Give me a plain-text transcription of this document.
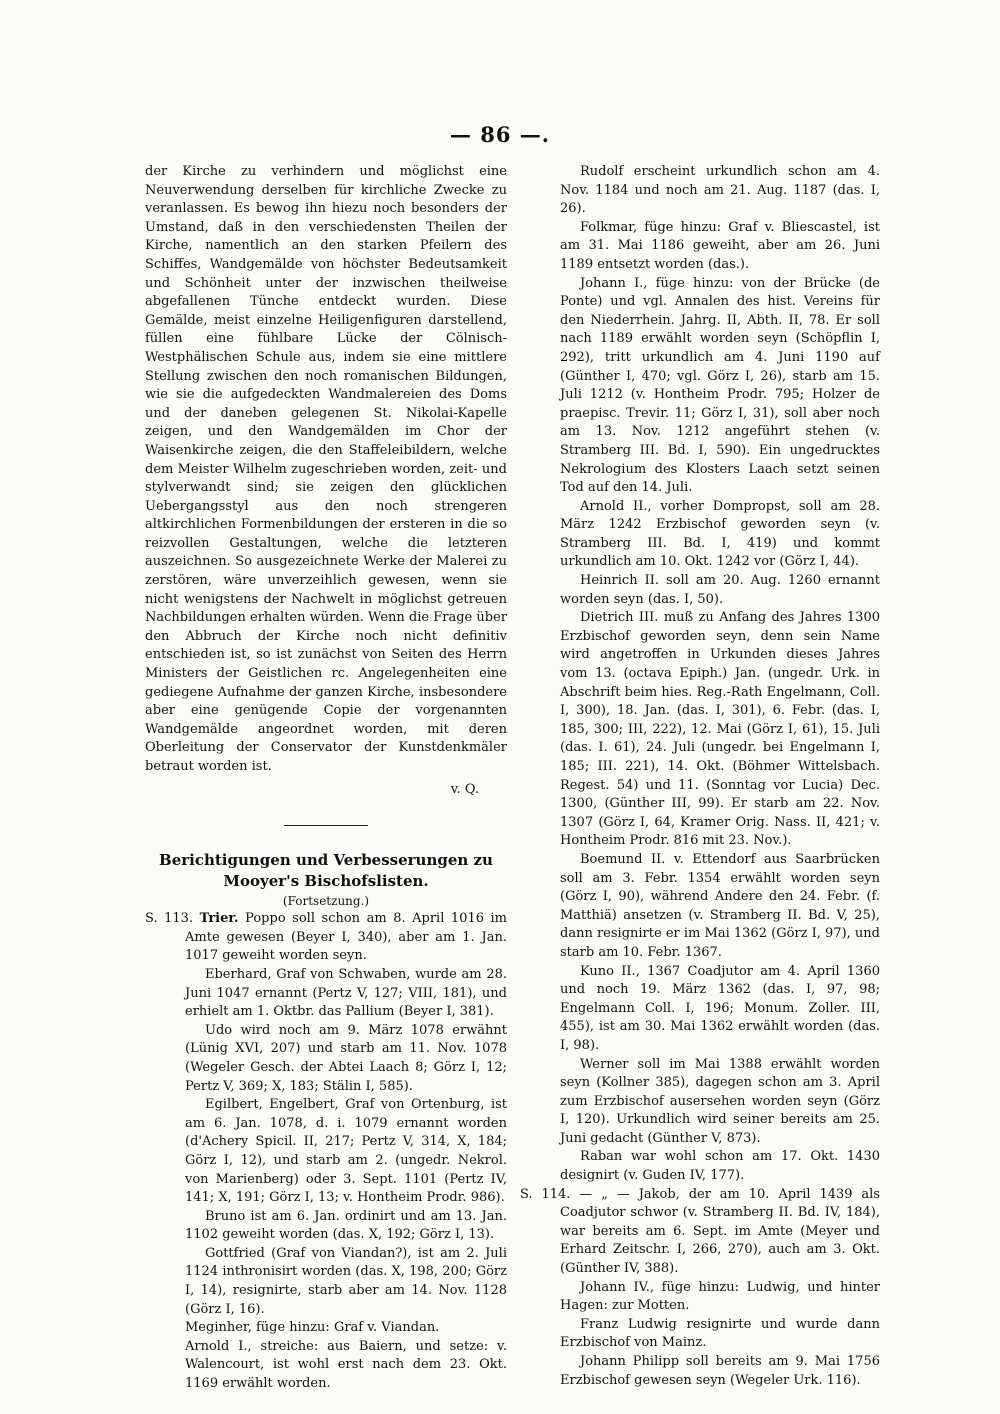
— 86 —.

der Kirche zu verhindern und möglichst eine Neuverwendung derselben für kirchliche Zwecke zu veranlassen. Es bewog ihn hiezu noch besonders der Umstand, daß in den verschiedensten Theilen der Kirche, namentlich an den starken Pfeilern des Schiffes, Wandgemälde von höchster Bedeutsamkeit und Schönheit unter der inzwischen theilweise abgefallenen Tünche entdeckt wurden. Diese Gemälde, meist einzelne Heiligenfiguren darstellend, füllen eine fühlbare Lücke der Cölnisch-Westphälischen Schule aus, indem sie eine mittlere Stellung zwischen den noch romanischen Bildungen, wie sie die aufgedeckten Wandmalereien des Doms und der daneben gelegenen St. Nikolai-Kapelle zeigen, und den Wandgemälden im Chor der Waisenkirche zeigen, die den Staffeleibildern, welche dem Meister Wilhelm zugeschrieben worden, zeit- und stylverwandt sind; sie zeigen den glücklichen Uebergangsstyl aus den noch strengeren altkirchlichen Formenbildungen der ersteren in die so reizvollen Gestaltungen, welche die letzteren auszeichnen. So ausgezeichnete Werke der Malerei zu zerstören, wäre unverzeihlich gewesen, wenn sie nicht wenigstens der Nachwelt in möglichst getreuen Nachbildungen erhalten würden. Wenn die Frage über den Abbruch der Kirche noch nicht definitiv entschieden ist, so ist zunächst von Seiten des Herrn Ministers der Geistlichen rc. Angelegenheiten eine gediegene Aufnahme der ganzen Kirche, insbesondere aber eine genügende Copie der vorgenannten Wandgemälde angeordnet worden, mit deren Oberleitung der Conservator der Kunstdenkmäler betraut worden ist.

v. Q.

Berichtigungen und Verbesserungen zu Mooyer's Bischofslisten.

(Fortsetzung.)

S. 113. Trier. Poppo soll schon am 8. April 1016 im Amte gewesen (Beyer I, 340), aber am 1. Jan. 1017 geweiht worden seyn.

Eberhard, Graf von Schwaben, wurde am 28. Juni 1047 ernannt (Pertz V, 127; VIII, 181), und erhielt am 1. Oktbr. das Pallium (Beyer I, 381).

Udo wird noch am 9. März 1078 erwähnt (Lünig XVI, 207) und starb am 11. Nov. 1078 (Wegeler Gesch. der Abtei Laach 8; Görz I, 12; Pertz V, 369; X, 183; Stälin I, 585).

Egilbert, Engelbert, Graf von Ortenburg, ist am 6. Jan. 1078, d. i. 1079 ernannt worden (d'Achery Spicil. II, 217; Pertz V, 314, X, 184; Görz I, 12), und starb am 2. (ungedr. Nekrol. von Marienberg) oder 3. Sept. 1101 (Pertz IV, 141; X, 191; Görz I, 13; v. Hontheim Prodr. 986).

Bruno ist am 6. Jan. ordinirt und am 13. Jan. 1102 geweiht worden (das. X, 192; Görz I, 13).

Gottfried (Graf von Viandan?), ist am 2. Juli 1124 inthronisirt worden (das. X, 198, 200; Görz I, 14), resignirte, starb aber am 14. Nov. 1128 (Görz I, 16).

Meginher, füge hinzu: Graf v. Viandan.

Arnold I., streiche: aus Baiern, und setze: v. Walencourt, ist wohl erst nach dem 23. Okt. 1169 erwählt worden.

Rudolf erscheint urkundlich schon am 4. Nov. 1184 und noch am 21. Aug. 1187 (das. I, 26).

Folkmar, füge hinzu: Graf v. Bliescastel, ist am 31. Mai 1186 geweiht, aber am 26. Juni 1189 entsetzt worden (das.).

Johann I., füge hinzu: von der Brücke (de Ponte) und vgl. Annalen des hist. Vereins für den Niederrhein. Jahrg. II, Abth. II, 78. Er soll nach 1189 erwählt worden seyn (Schöpflin I, 292), tritt urkundlich am 4. Juni 1190 auf (Günther I, 470; vgl. Görz I, 26), starb am 15. Juli 1212 (v. Hontheim Prodr. 795; Holzer de praepisc. Trevir. 11; Görz I, 31), soll aber noch am 13. Nov. 1212 angeführt stehen (v. Stramberg III. Bd. I, 590). Ein ungedrucktes Nekrologium des Klosters Laach setzt seinen Tod auf den 14. Juli.

Arnold II., vorher Dompropst, soll am 28. März 1242 Erzbischof geworden seyn (v. Stramberg III. Bd. I, 419) und kommt urkundlich am 10. Okt. 1242 vor (Görz I, 44).

Heinrich II. soll am 20. Aug. 1260 ernannt worden seyn (das. I, 50).

Dietrich III. muß zu Anfang des Jahres 1300 Erzbischof geworden seyn, denn sein Name wird angetroffen in Urkunden dieses Jahres vom 13. (octava Epiph.) Jan. (ungedr. Urk. in Abschrift beim hies. Reg.-Rath Engelmann, Coll. I, 300), 18. Jan. (das. I, 301), 6. Febr. (das. I, 185, 300; III, 222), 12. Mai (Görz I, 61), 15. Juli (das. I. 61), 24. Juli (ungedr. bei Engelmann I, 185; III. 221), 14. Okt. (Böhmer Wittelsbach. Regest. 54) und 11. (Sonntag vor Lucia) Dec. 1300, (Günther III, 99). Er starb am 22. Nov. 1307 (Görz I, 64, Kramer Orig. Nass. II, 421; v. Hontheim Prodr. 816 mit 23. Nov.).

Boemund II. v. Ettendorf aus Saarbrücken soll am 3. Febr. 1354 erwählt worden seyn (Görz I, 90), während Andere den 24. Febr. (f. Matthiä) ansetzen (v. Stramberg II. Bd. V, 25), dann resignirte er im Mai 1362 (Görz I, 97), und starb am 10. Febr. 1367.

Kuno II., 1367 Coadjutor am 4. April 1360 und noch 19. März 1362 (das. I, 97, 98; Engelmann Coll. I, 196; Monum. Zoller. III, 455), ist am 30. Mai 1362 erwählt worden (das. I, 98).

Werner soll im Mai 1388 erwählt worden seyn (Kollner 385), dagegen schon am 3. April zum Erzbischof ausersehen worden seyn (Görz I, 120). Urkundlich wird seiner bereits am 25. Juni gedacht (Günther V, 873).

Raban war wohl schon am 17. Okt. 1430 designirt (v. Guden IV, 177).

S. 114. — „ — Jakob, der am 10. April 1439 als Coadjutor schwor (v. Stramberg II. Bd. IV, 184), war bereits am 6. Sept. im Amte (Meyer und Erhard Zeitschr. I, 266, 270), auch am 3. Okt. (Günther IV, 388).

Johann IV., füge hinzu: Ludwig, und hinter Hagen: zur Motten.

Franz Ludwig resignirte und wurde dann Erzbischof von Mainz.

Johann Philipp soll bereits am 9. Mai 1756 Erzbischof gewesen seyn (Wegeler Urk. 116).
